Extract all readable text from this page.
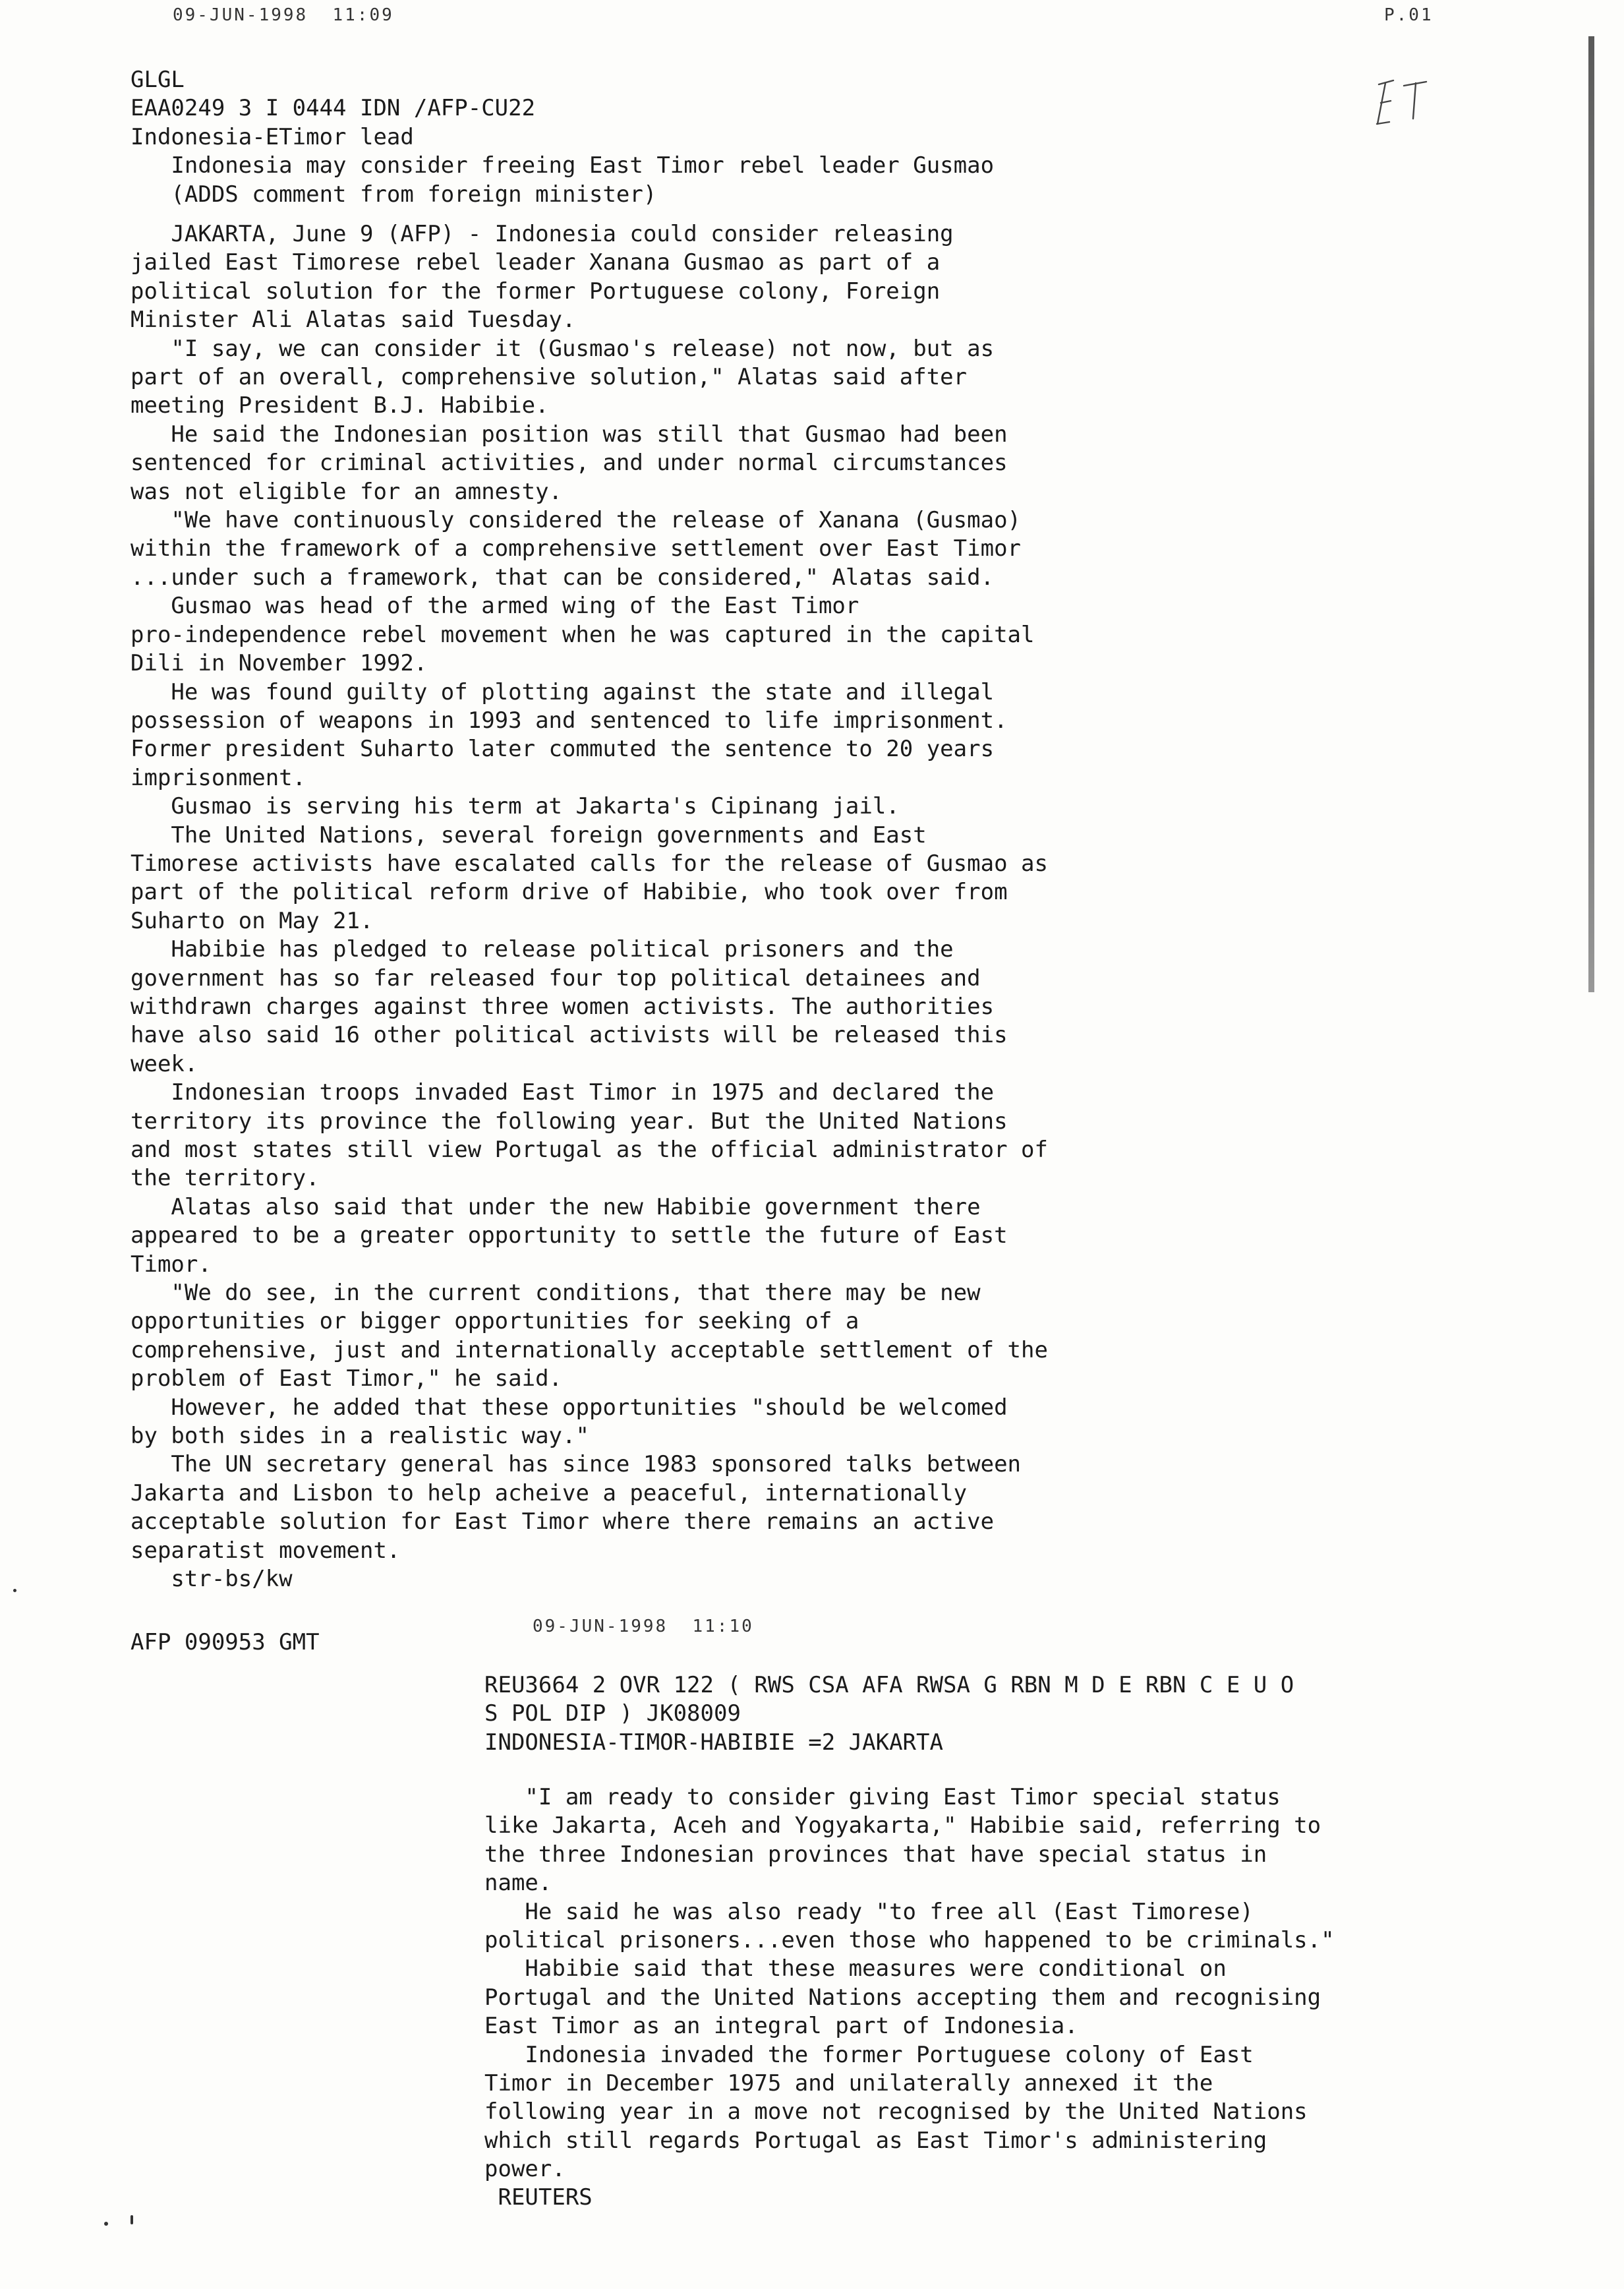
09-JUN-1998  11:09	P.01
GLGL
EAA0249 3 I 0444 IDN /AFP-CU22
Indonesia-ETimor lead
Indonesia may consider freeing East Timor rebel leader Gusmao
(ADDS comment from foreign minister)
JAKARTA, June 9 (AFP) - Indonesia could consider releasing
jailed East Timorese rebel leader Xanana Gusmao as part of a
political solution for the former Portuguese colony, Foreign
Minister Ali Alatas said Tuesday.
"I say, we can consider it (Gusmao's release) not now, but as
part of an overall, comprehensive solution," Alatas said after
meeting President B.J. Habibie.
He said the Indonesian position was still that Gusmao had been
sentenced for criminal activities, and under normal circumstances
was not eligible for an amnesty.
"We have continuously considered the release of Xanana (Gusmao)
within the framework of a comprehensive settlement over East Timor
...under such a framework, that can be considered," Alatas said.
Gusmao was head of the armed wing of the East Timor
pro-independence rebel movement when he was captured in the capital
Dili in November 1992.
He was found guilty of plotting against the state and illegal
possession of weapons in 1993 and sentenced to life imprisonment.
Former president Suharto later commuted the sentence to 20 years
imprisonment.
Gusmao is serving his term at Jakarta's Cipinang jail.
The United Nations, several foreign governments and East
Timorese activists have escalated calls for the release of Gusmao as
part of the political reform drive of Habibie, who took over from
Suharto on May 21.
Habibie has pledged to release political prisoners and the
government has so far released four top political detainees and
withdrawn charges against three women activists. The authorities
have also said 16 other political activists will be released this
week.
Indonesian troops invaded East Timor in 1975 and declared the
territory its province the following year. But the United Nations
and most states still view Portugal as the official administrator of
the territory.
Alatas also said that under the new Habibie government there
appeared to be a greater opportunity to settle the future of East
Timor.
"We do see, in the current conditions, that there may be new
opportunities or bigger opportunities for seeking of a
comprehensive, just and internationally acceptable settlement of the
problem of East Timor," he said.
However, he added that these opportunities "should be welcomed
by both sides in a realistic way."
The UN secretary general has since 1983 sponsored talks between
Jakarta and Lisbon to help acheive a peaceful, internationally
acceptable solution for East Timor where there remains an active
separatist movement.
str-bs/kw
AFP 090953 GMT
09-JUN-1998  11:10
REU3664 2 OVR 122 ( RWS CSA AFA RWSA G RBN M D E RBN C E U O
S POL DIP ) JK08009
INDONESIA-TIMOR-HABIBIE =2 JAKARTA
"I am ready to consider giving East Timor special status
like Jakarta, Aceh and Yogyakarta," Habibie said, referring to
the three Indonesian provinces that have special status in
name.
He said he was also ready "to free all (East Timorese)
political prisoners...even those who happened to be criminals."
Habibie said that these measures were conditional on
Portugal and the United Nations accepting them and recognising
East Timor as an integral part of Indonesia.
Indonesia invaded the former Portuguese colony of East
Timor in December 1975 and unilaterally annexed it the
following year in a move not recognised by the United Nations
which still regards Portugal as East Timor's administering
power.
REUTERS
